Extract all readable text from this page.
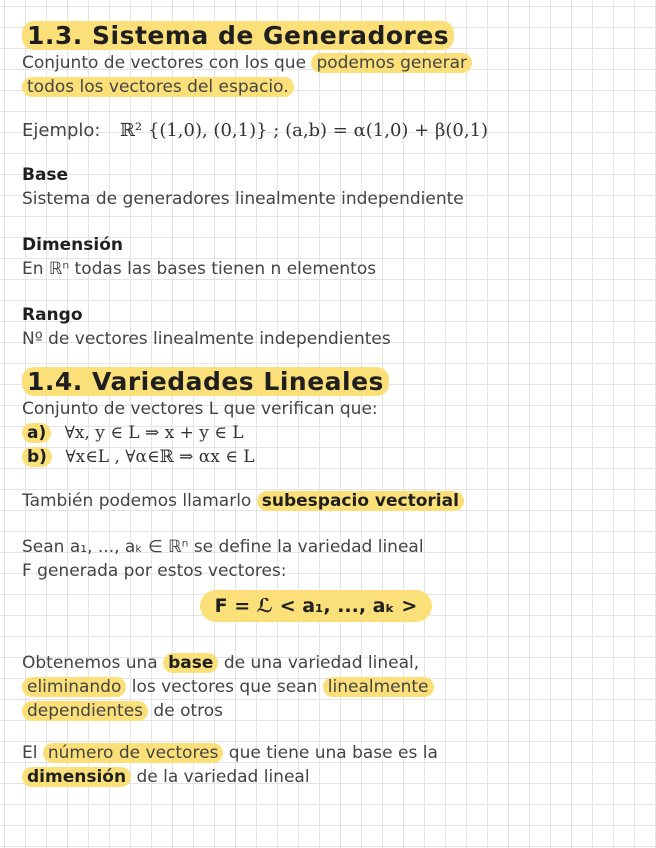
1.3. Sistema de Generadores
Conjunto de vectores con los que podemos generar
todos los vectores del espacio.
Ejemplo: ℝ² {(1,0), (0,1)} ; (a,b) = α(1,0) + β(0,1)
Base
Sistema de generadores linealmente independiente
Dimensión
En ℝⁿ todas las bases tienen n elementos
Rango
Nº de vectores linealmente independientes
1.4. Variedades Lineales
Conjunto de vectores L que verifican que:
a) ∀x, y ∈ L ⇒ x + y ∈ L
b) ∀x∈L , ∀α∈ℝ ⇒ αx ∈ L
También podemos llamarlo subespacio vectorial
Sean a₁, ..., aₖ ∈ ℝⁿ se define la variedad lineal
F generada por estos vectores:
F = ℒ < a₁, ..., aₖ >
Obtenemos una base de una variedad lineal,
eliminando los vectores que sean linealmente
dependientes de otros
El número de vectores que tiene una base es la
dimensión de la variedad lineal
